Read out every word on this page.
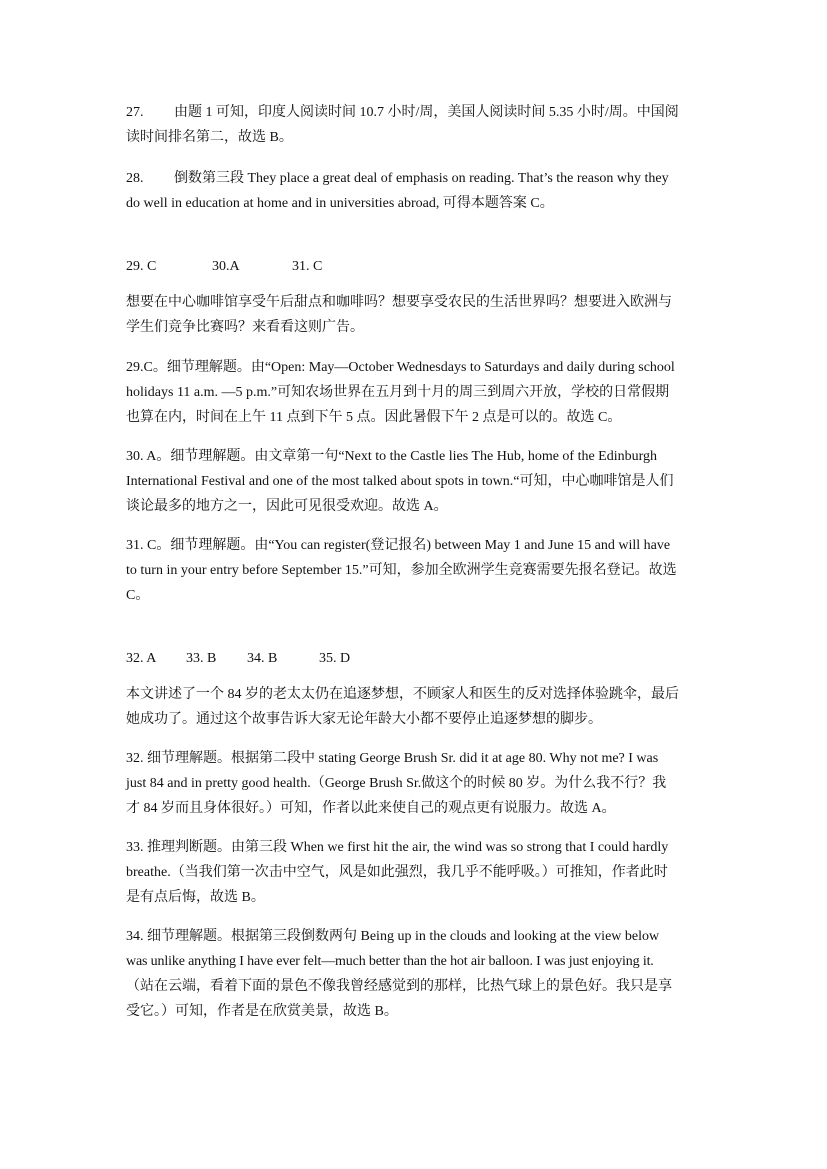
27. 由题 1 可知，印度人阅读时间 10.7 小时/周，美国人阅读时间 5.35 小时/周。中国阅
读时间排名第二，故选 B。
28. 倒数第三段 They place a great deal of emphasis on reading. That’s the reason why they
do well in education at home and in universities abroad, 可得本题答案 C。
29. C	30.A	31. C
想要在中心咖啡馆享受午后甜点和咖啡吗？想要享受农民的生活世界吗？想要进入欧洲与
学生们竞争比赛吗？来看看这则广告。
29.C。细节理解题。由“Open: May—October Wednesdays to Saturdays and daily during school
holidays 11 a.m. —5 p.m.”可知农场世界在五月到十月的周三到周六开放，学校的日常假期
也算在内，时间在上午 11 点到下午 5 点。因此暑假下午 2 点是可以的。故选 C。
30. A。细节理解题。由文章第一句“Next to the Castle lies The Hub, home of the Edinburgh
International Festival and one of the most talked about spots in town.“可知，中心咖啡馆是人们
谈论最多的地方之一，因此可见很受欢迎。故选 A。
31. C。细节理解题。由“You can register(登记报名) between May 1 and June 15 and will have
to turn in your entry before September 15.”可知，参加全欧洲学生竞赛需要先报名登记。故选
C。
32. A 33. B 34. B	35. D
本文讲述了一个 84 岁的老太太仍在追逐梦想，不顾家人和医生的反对选择体验跳伞，最后
她成功了。通过这个故事告诉大家无论年龄大小都不要停止追逐梦想的脚步。
32. 细节理解题。根据第二段中 stating George Brush Sr. did it at age 80. Why not me? I was
just 84 and in pretty good health.（George Brush Sr.做这个的时候 80 岁。为什么我不行？我
才 84 岁而且身体很好。）可知，作者以此来使自己的观点更有说服力。故选 A。
33. 推理判断题。由第三段 When we first hit the air, the wind was so strong that I could hardly
breathe.（当我们第一次击中空气，风是如此强烈，我几乎不能呼吸。）可推知，作者此时
是有点后悔，故选 B。
34. 细节理解题。根据第三段倒数两句 Being up in the clouds and looking at the view below
was unlike anything I have ever felt—much better than the hot air balloon. I was just enjoying it.
（站在云端，看着下面的景色不像我曾经感觉到的那样，比热气球上的景色好。我只是享
受它。）可知，作者是在欣赏美景，故选 B。
